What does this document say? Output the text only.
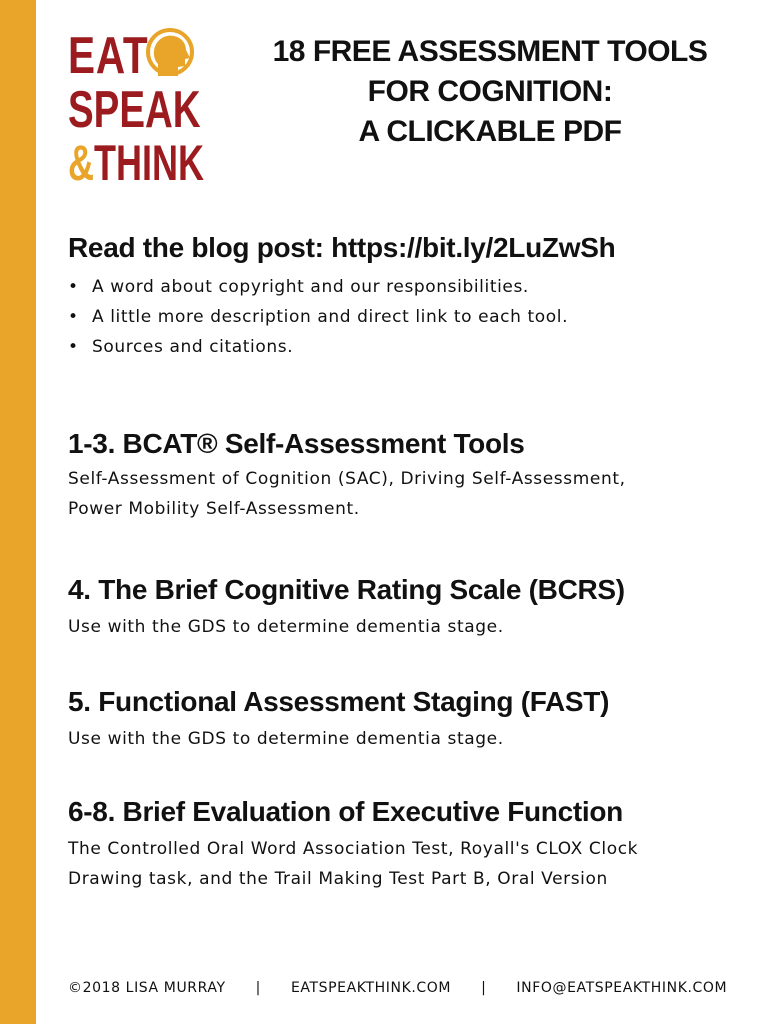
EAT
SPEAK
&THINK
18 FREE ASSESSMENT TOOLS
FOR COGNITION:
A CLICKABLE PDF
Read the blog post: https://bit.ly/2LuZwSh
• A word about copyright and our responsibilities.
• A little more description and direct link to each tool.
• Sources and citations.
1-3. BCAT® Self-Assessment Tools
Self-Assessment of Cognition (SAC), Driving Self-Assessment,
Power Mobility Self-Assessment.
4. The Brief Cognitive Rating Scale (BCRS)
Use with the GDS to determine dementia stage.
5. Functional Assessment Staging (FAST)
Use with the GDS to determine dementia stage.
6-8. Brief Evaluation of Executive Function
The Controlled Oral Word Association Test, Royall's CLOX Clock
Drawing task, and the Trail Making Test Part B, Oral Version
©2018 LISA MURRAY | EATSPEAKTHINK.COM | INFO@EATSPEAKTHINK.COM
